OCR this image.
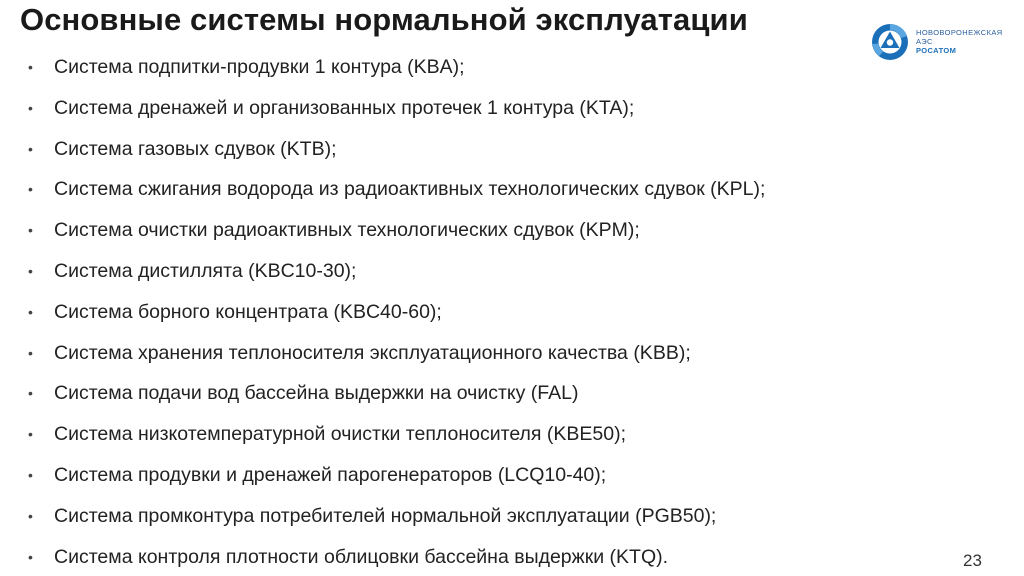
Основные системы нормальной эксплуатации	НОВОВОРОНЕЖСКАЯ
АЭС
РОСАТОМ
• Система подпитки-продувки 1 контура (KBA);
• Система дренажей и организованных протечек 1 контура (KTA);
• Система газовых сдувок (KTB);
• Система сжигания водорода из радиоактивных технологических сдувок (KPL);
• Система очистки радиоактивных технологических сдувок (KPM);
• Система дистиллята (KBC10-30);
• Система борного концентрата (KBC40-60);
• Система хранения теплоносителя эксплуатационного качества (KBB);
• Система подачи вод бассейна выдержки на очистку (FAL)
• Система низкотемпературной очистки теплоносителя (KBE50);
• Система продувки и дренажей парогенераторов (LCQ10-40);
• Система промконтура потребителей нормальной эксплуатации (PGB50);
• Система контроля плотности облицовки бассейна выдержки (KTQ).	23
